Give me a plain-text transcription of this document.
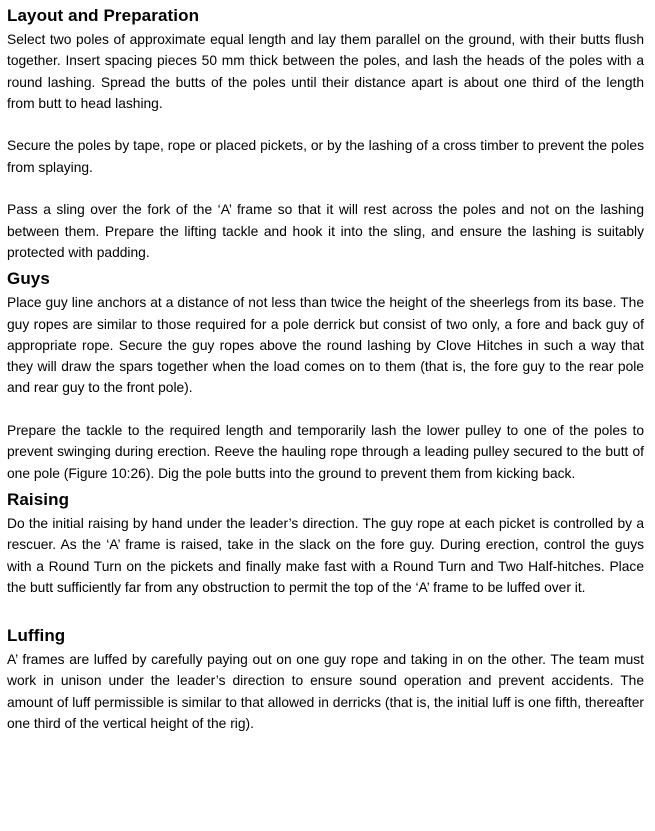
Layout and Preparation

Select two poles of approximate equal length and lay them parallel on the ground, with their butts flush together. Insert spacing pieces 50 mm thick between the poles, and lash the heads of the poles with a round lashing. Spread the butts of the poles until their distance apart is about one third of the length from butt to head lashing.

Secure the poles by tape, rope or placed pickets, or by the lashing of a cross timber to prevent the poles from splaying.

Pass a sling over the fork of the ‘A’ frame so that it will rest across the poles and not on the lashing between them. Prepare the lifting tackle and hook it into the sling, and ensure the lashing is suitably protected with padding.

Guys

Place guy line anchors at a distance of not less than twice the height of the sheerlegs from its base. The guy ropes are similar to those required for a pole derrick but consist of two only, a fore and back guy of appropriate rope. Secure the guy ropes above the round lashing by Clove Hitches in such a way that they will draw the spars together when the load comes on to them (that is, the fore guy to the rear pole and rear guy to the front pole).

Prepare the tackle to the required length and temporarily lash the lower pulley to one of the poles to prevent swinging during erection. Reeve the hauling rope through a leading pulley secured to the butt of one pole (Figure 10:26). Dig the pole butts into the ground to prevent them from kicking back.

Raising

Do the initial raising by hand under the leader’s direction. The guy rope at each picket is controlled by a rescuer. As the ‘A’ frame is raised, take in the slack on the fore guy. During erection, control the guys with a Round Turn on the pickets and finally make fast with a Round Turn and Two Half-hitches. Place the butt sufficiently far from any obstruction to permit the top of the ‘A’ frame to be luffed over it.

Luffing

A’ frames are luffed by carefully paying out on one guy rope and taking in on the other. The team must work in unison under the leader’s direction to ensure sound operation and prevent accidents. The amount of luff permissible is similar to that allowed in derricks (that is, the initial luff is one fifth, thereafter one third of the vertical height of the rig).
